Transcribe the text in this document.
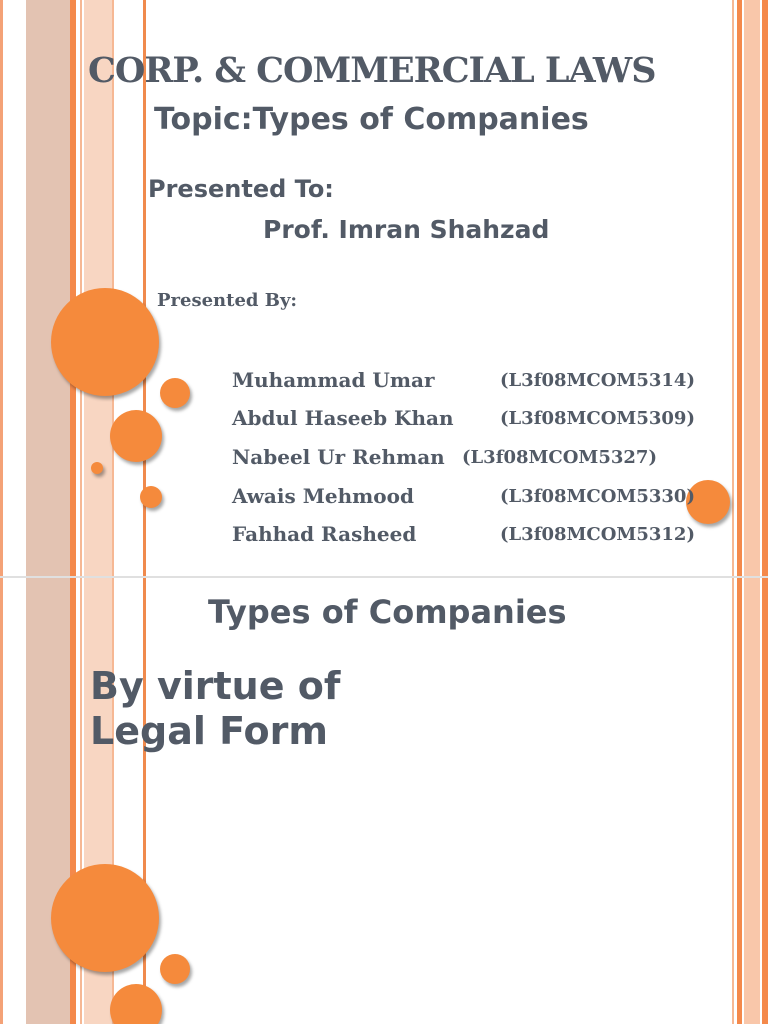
CORP. & COMMERCIAL LAWS
Topic:Types of Companies
Presented To:
Prof. Imran Shahzad
Presented By:
Muhammad Umar	(L3f08MCOM5314)
Abdul Haseeb Khan	(L3f08MCOM5309)
Nabeel Ur Rehman (L3f08MCOM5327)
Awais Mehmood	(L3f08MCOM5330)
Fahhad Rasheed	(L3f08MCOM5312)
Types of Companies
By virtue of
Legal Form
